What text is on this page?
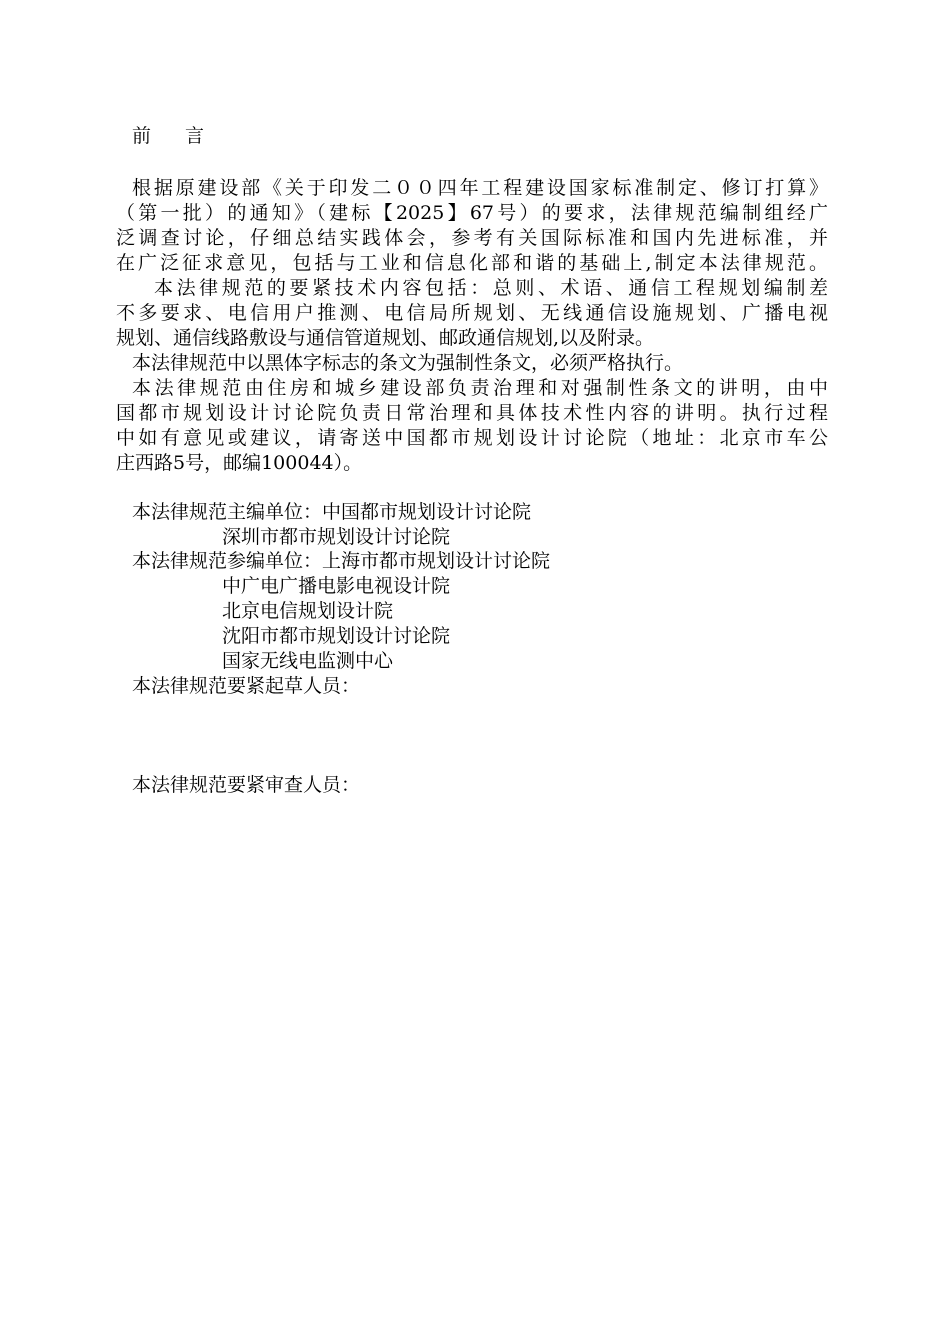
前 言
根据原建设部《关于印发二００四年工程建设国家标准制定、修订打算》
（第一批）的通知》（建标【2025】67号）的要求，法律规范编制组经广
泛调查讨论，仔细总结实践体会，参考有关国际标准和国内先进标准，并
在广泛征求意见，包括与工业和信息化部和谐的基础上,制定本法律规范。
本法律规范的要紧技术内容包括：总则、术语、通信工程规划编制差
不多要求、电信用户推测、电信局所规划、无线通信设施规划、广播电视
规划、通信线路敷设与通信管道规划、邮政通信规划,以及附录。
本法律规范中以黑体字标志的条文为强制性条文，必须严格执行。
本法律规范由住房和城乡建设部负责治理和对强制性条文的讲明，由中
国都市规划设计讨论院负责日常治理和具体技术性内容的讲明。执行过程
中如有意见或建议，请寄送中国都市规划设计讨论院（地址：北京市车公
庄西路5号，邮编100044）。
本法律规范主编单位：中国都市规划设计讨论院
深圳市都市规划设计讨论院
本法律规范参编单位：上海市都市规划设计讨论院
中广电广播电影电视设计院
北京电信规划设计院
沈阳市都市规划设计讨论院
国家无线电监测中心
本法律规范要紧起草人员：
本法律规范要紧审查人员：
